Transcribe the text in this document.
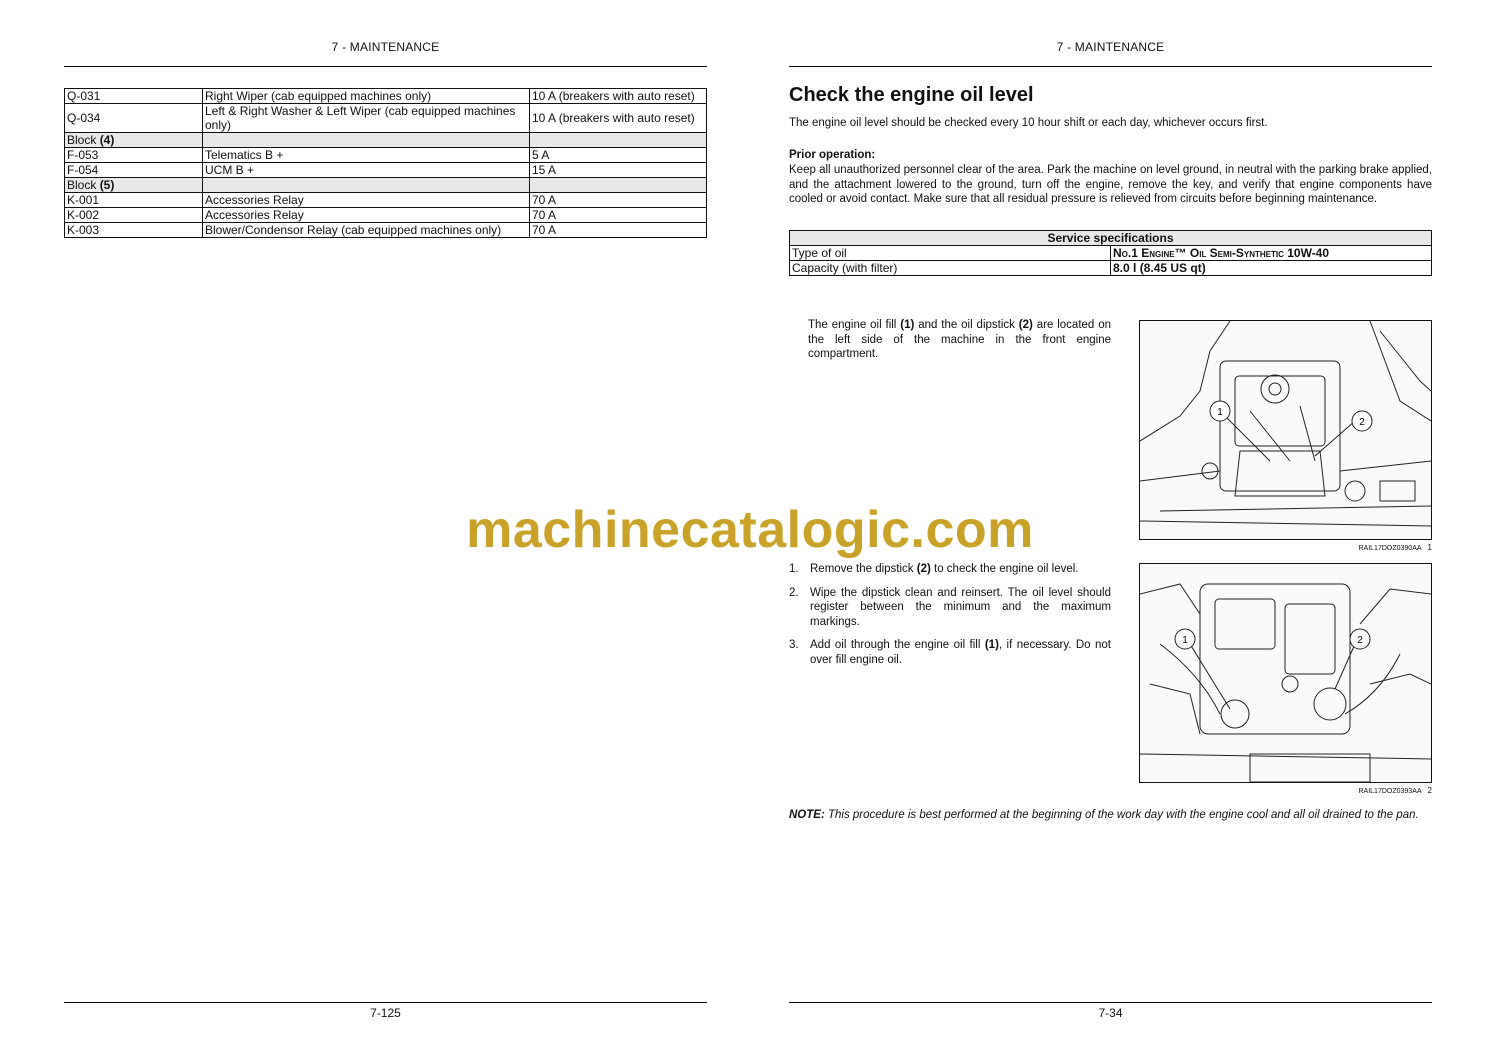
7 - MAINTENANCE
Q-031	Right Wiper (cab equipped machines only)	10 A (breakers with auto reset)
Q-034	Left & Right Washer & Left Wiper (cab equipped machines only)	10 A (breakers with auto reset)
Block (4)		
F-053	Telematics B +	5 A
F-054	UCM B +	15 A
Block (5)		
K-001	Accessories Relay	70 A
K-002	Accessories Relay	70 A
K-003	Blower/Condensor Relay (cab equipped machines only)	70 A
7-125
7 - MAINTENANCE
Check the engine oil level
The engine oil level should be checked every 10 hour shift or each day, whichever occurs first.
Prior operation:
Keep all unauthorized personnel clear of the area. Park the machine on level ground, in neutral with the parking brake applied, and the attachment lowered to the ground, turn off the engine, remove the key, and verify that engine components have cooled or avoid contact. Make sure that all residual pressure is relieved from circuits before beginning maintenance.
Service specifications	
Type of oil	No.1 Engine™ Oil Semi-Synthetic 10W-40
Capacity (with filter)	8.0 l (8.45 US qt)
The engine oil fill (1) and the oil dipstick (2) are located on the left side of the machine in the front engine compartment.
1
2
RAIL17DOZ0390AA 1
1. Remove the dipstick (2) to check the engine oil level.
2. Wipe the dipstick clean and reinsert. The oil level should register between the minimum and the maximum markings.
3. Add oil through the engine oil fill (1), if necessary. Do not over fill engine oil.
1	2
RAIL17DOZ0393AA 2
NOTE: This procedure is best performed at the beginning of the work day with the engine cool and all oil drained to the pan.
7-34
machinecatalogic.com
